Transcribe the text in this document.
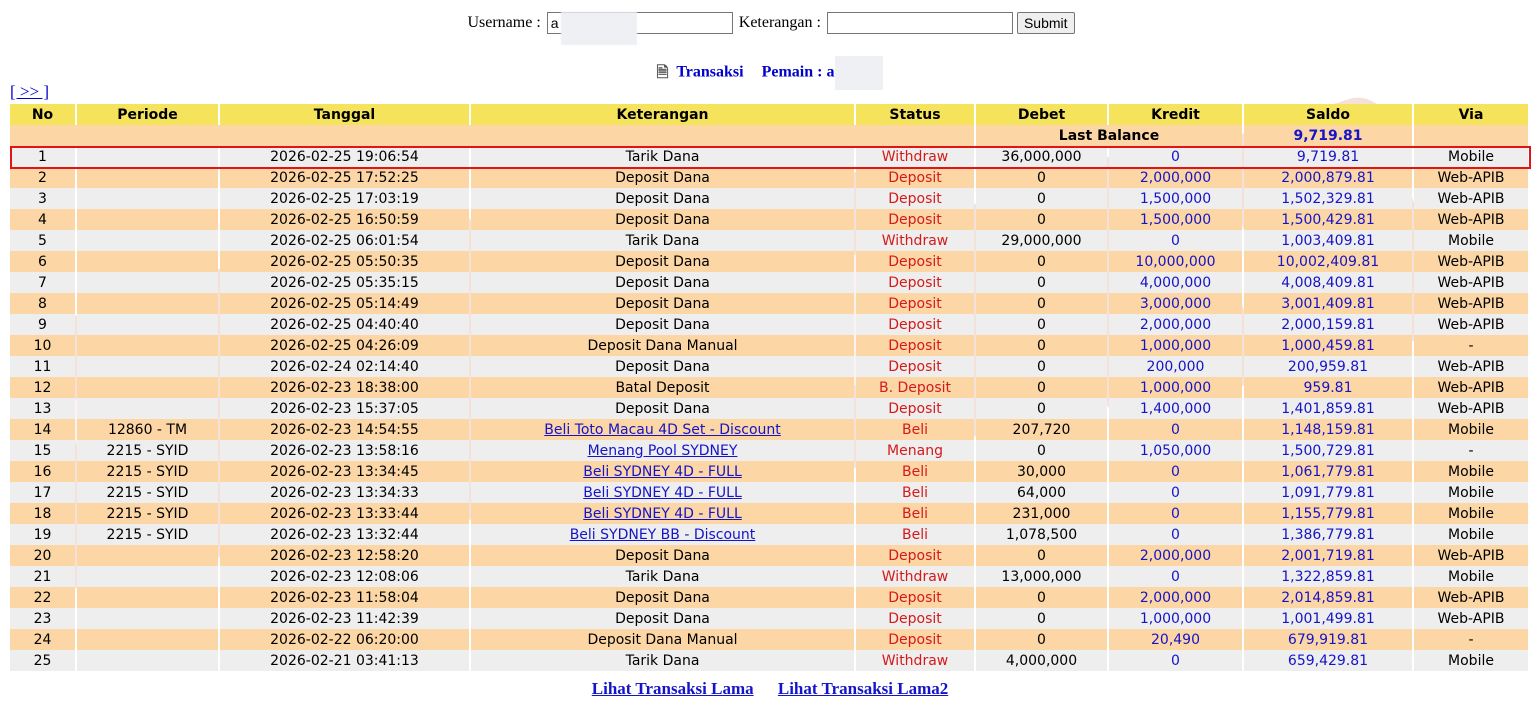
Username : a	Keterangan :	Submit
🗎 Transaksi Pemain : a
[ >> ]
No	Periode	Tanggal	Keterangan	Status	Debet	Kredit	Saldo	Via
					Last Balance		9,719.81	
1		2026-02-25 19:06:54	Tarik Dana	Withdraw	36,000,000	0	9,719.81	Mobile
2		2026-02-25 17:52:25	Deposit Dana	Deposit	0	2,000,000	2,000,879.81	Web-APIB
3		2026-02-25 17:03:19	Deposit Dana	Deposit	0	1,500,000	1,502,329.81	Web-APIB
4		2026-02-25 16:50:59	Deposit Dana	Deposit	0	1,500,000	1,500,429.81	Web-APIB
5		2026-02-25 06:01:54	Tarik Dana	Withdraw	29,000,000	0	1,003,409.81	Mobile
6		2026-02-25 05:50:35	Deposit Dana	Deposit	0	10,000,000	10,002,409.81	Web-APIB
7		2026-02-25 05:35:15	Deposit Dana	Deposit	0	4,000,000	4,008,409.81	Web-APIB
8		2026-02-25 05:14:49	Deposit Dana	Deposit	0	3,000,000	3,001,409.81	Web-APIB
9		2026-02-25 04:40:40	Deposit Dana	Deposit	0	2,000,000	2,000,159.81	Web-APIB
10		2026-02-25 04:26:09	Deposit Dana Manual	Deposit	0	1,000,000	1,000,459.81	-
11		2026-02-24 02:14:40	Deposit Dana	Deposit	0	200,000	200,959.81	Web-APIB
12		2026-02-23 18:38:00	Batal Deposit	B. Deposit	0	1,000,000	959.81	Web-APIB
13		2026-02-23 15:37:05	Deposit Dana	Deposit	0	1,400,000	1,401,859.81	Web-APIB
14	12860 - TM	2026-02-23 14:54:55	Beli Toto Macau 4D Set - Discount	Beli	207,720	0	1,148,159.81	Mobile
15	2215 - SYID	2026-02-23 13:58:16	Menang Pool SYDNEY	Menang	0	1,050,000	1,500,729.81	-
16	2215 - SYID	2026-02-23 13:34:45	Beli SYDNEY 4D - FULL	Beli	30,000	0	1,061,779.81	Mobile
17	2215 - SYID	2026-02-23 13:34:33	Beli SYDNEY 4D - FULL	Beli	64,000	0	1,091,779.81	Mobile
18	2215 - SYID	2026-02-23 13:33:44	Beli SYDNEY 4D - FULL	Beli	231,000	0	1,155,779.81	Mobile
19	2215 - SYID	2026-02-23 13:32:44	Beli SYDNEY BB - Discount	Beli	1,078,500	0	1,386,779.81	Mobile
20		2026-02-23 12:58:20	Deposit Dana	Deposit	0	2,000,000	2,001,719.81	Web-APIB
21		2026-02-23 12:08:06	Tarik Dana	Withdraw	13,000,000	0	1,322,859.81	Mobile
22		2026-02-23 11:58:04	Deposit Dana	Deposit	0	2,000,000	2,014,859.81	Web-APIB
23		2026-02-23 11:42:39	Deposit Dana	Deposit	0	1,000,000	1,001,499.81	Web-APIB
24		2026-02-22 06:20:00	Deposit Dana Manual	Deposit	0	20,490	679,919.81	-
25		2026-02-21 03:41:13	Tarik Dana	Withdraw	4,000,000	0	659,429.81	Mobile
Lihat Transaksi Lama Lihat Transaksi Lama2
